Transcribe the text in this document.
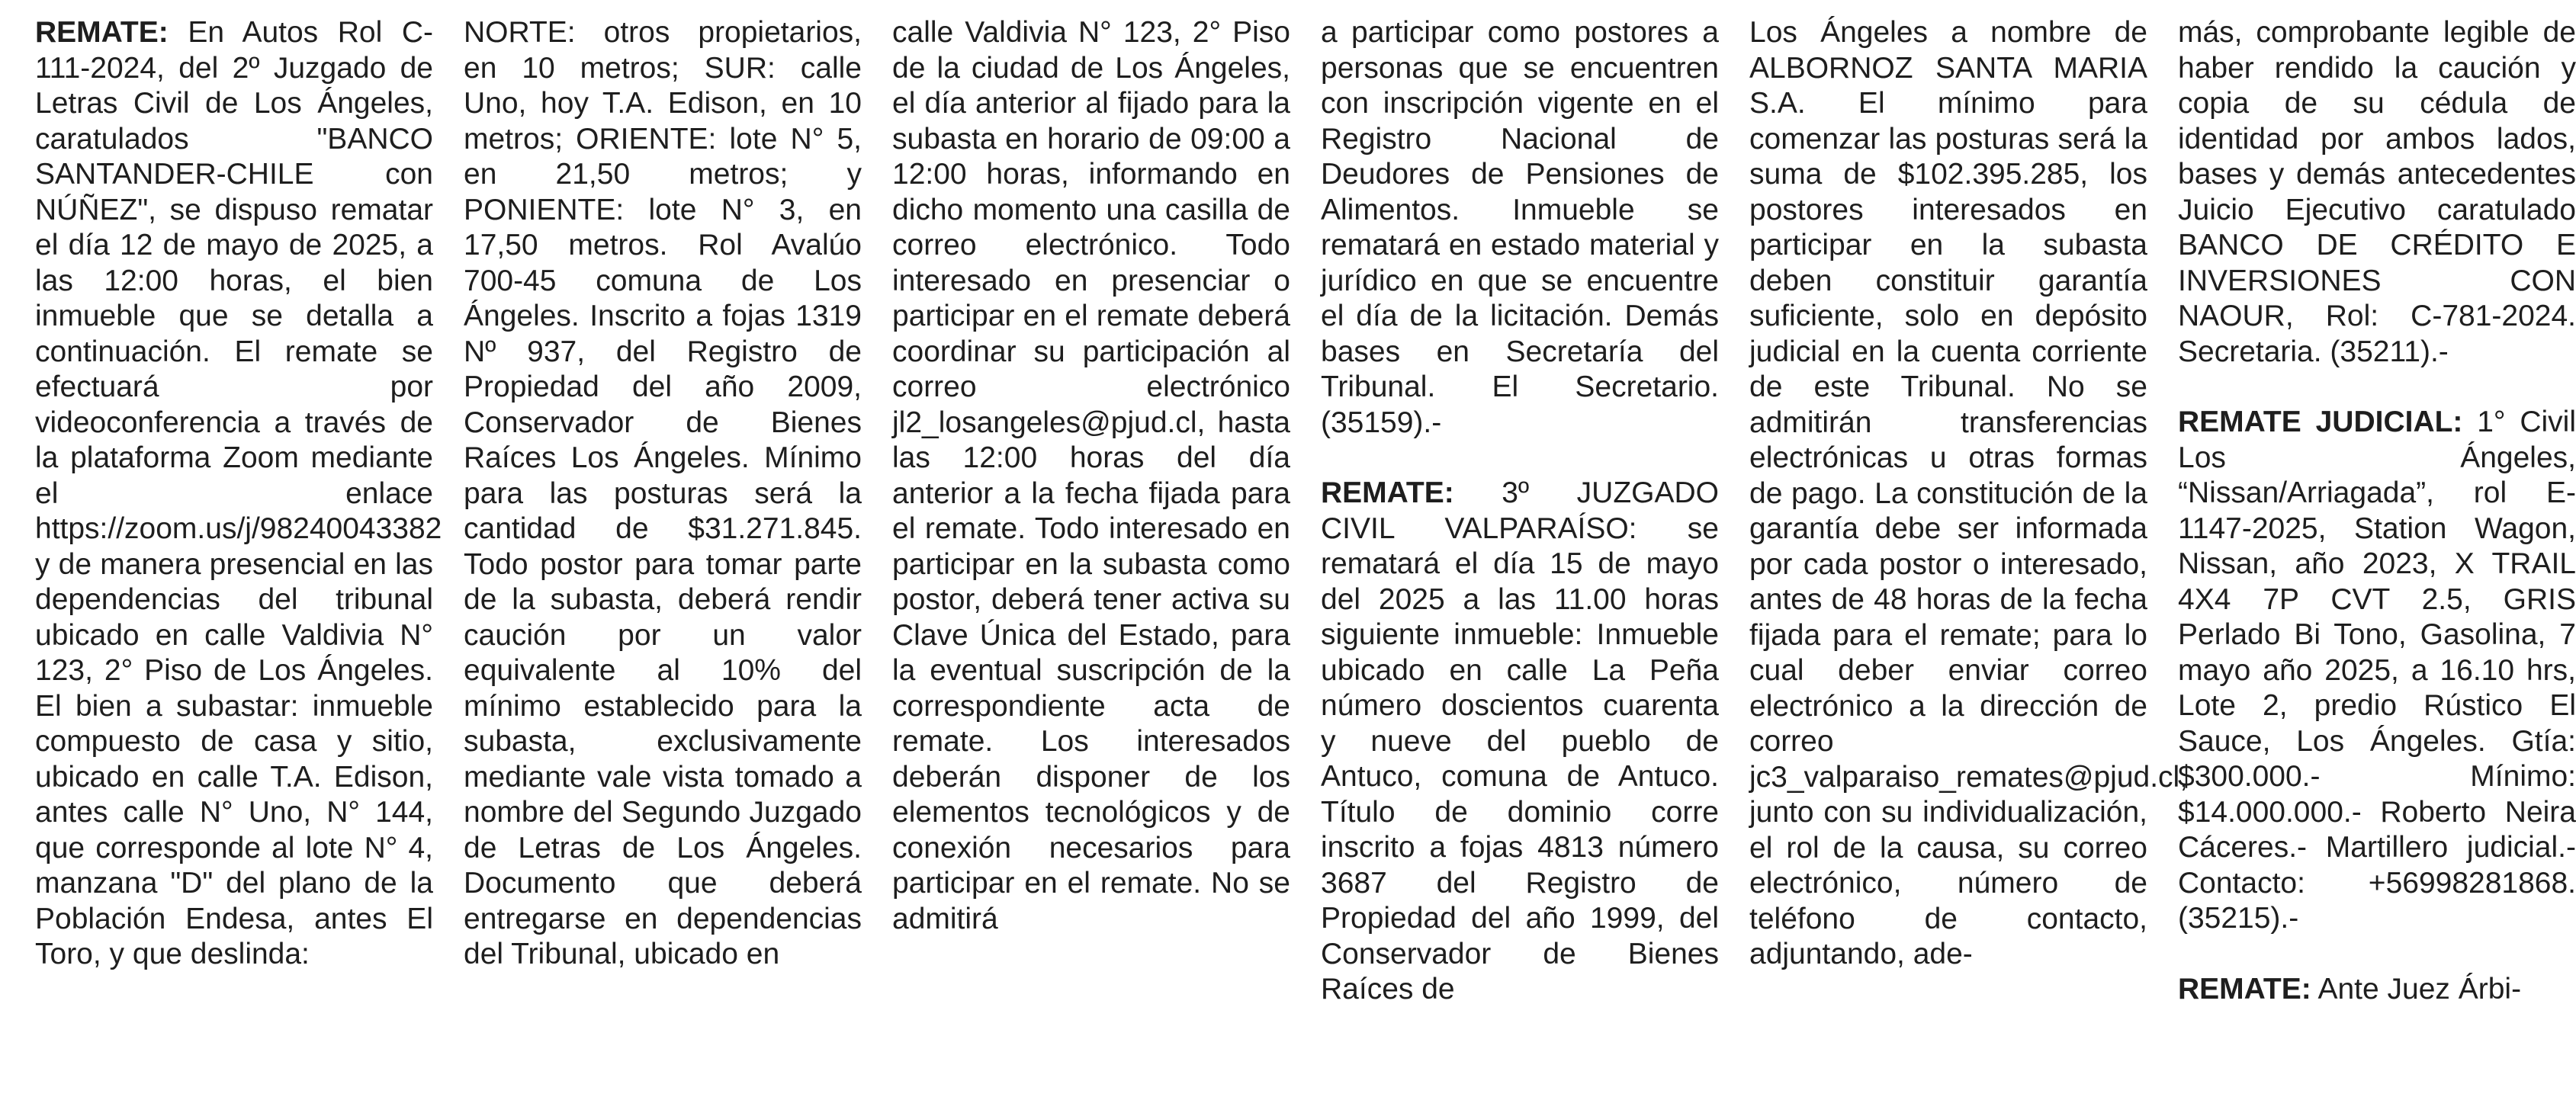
REMATE: En Autos Rol C-111-2024, del 2º Juzgado de Letras Civil de Los Ángeles, caratulados "BANCO SANTANDER-CHILE con NÚÑEZ", se dispuso rematar el día 12 de mayo de 2025, a las 12:00 horas, el bien inmueble que se detalla a continuación. El remate se efectuará por videoconferencia a través de la plataforma Zoom mediante el enlace https://zoom.us/j/98240043382 y de manera presencial en las dependencias del tribunal ubicado en calle Valdivia N° 123, 2° Piso de Los Ángeles. El bien a subastar: inmueble compuesto de casa y sitio, ubicado en calle T.A. Edison, antes calle N° Uno, N° 144, que corresponde al lote N° 4, manzana "D" del plano de la Población Endesa, antes El Toro, y que deslinda:

NORTE: otros propietarios, en 10 metros; SUR: calle Uno, hoy T.A. Edison, en 10 metros; ORIENTE: lote N° 5, en 21,50 metros; y PONIENTE: lote N° 3, en 17,50 metros. Rol Avalúo 700-45 comuna de Los Ángeles. Inscrito a fojas 1319 Nº 937, del Registro de Propiedad del año 2009, Conservador de Bienes Raíces Los Ángeles. Mínimo para las posturas será la cantidad de $31.271.845. Todo postor para tomar parte de la subasta, deberá rendir caución por un valor equivalente al 10% del mínimo establecido para la subasta, exclusivamente mediante vale vista tomado a nombre del Segundo Juzgado de Letras de Los Ángeles. Documento que deberá entregarse en dependencias del Tribunal, ubicado en

calle Valdivia N° 123, 2° Piso de la ciudad de Los Ángeles, el día anterior al fijado para la subasta en horario de 09:00 a 12:00 horas, informando en dicho momento una casilla de correo electrónico. Todo interesado en presenciar o participar en el remate deberá coordinar su participación al correo electrónico jl2_losangeles@pjud.cl, hasta las 12:00 horas del día anterior a la fecha fijada para el remate. Todo interesado en participar en la subasta como postor, deberá tener activa su Clave Única del Estado, para la eventual suscripción de la correspondiente acta de remate. Los interesados deberán disponer de los elementos tecnológicos y de conexión necesarios para participar en el remate. No se admitirá

a participar como postores a personas que se encuentren con inscripción vigente en el Registro Nacional de Deudores de Pensiones de Alimentos. Inmueble se rematará en estado material y jurídico en que se encuentre el día de la licitación. Demás bases en Secretaría del Tribunal. El Secretario. (35159).-

REMATE: 3º JUZGADO CIVIL VALPARAÍSO: se rematará el día 15 de mayo del 2025 a las 11.00 horas siguiente inmueble: Inmueble ubicado en calle La Peña número doscientos cuarenta y nueve del pueblo de Antuco, comuna de Antuco. Título de dominio corre inscrito a fojas 4813 número 3687 del Registro de Propiedad del año 1999, del Conservador de Bienes Raíces de

Los Ángeles a nombre de ALBORNOZ SANTA MARIA S.A. El mínimo para comenzar las posturas será la suma de $102.395.285, los postores interesados en participar en la subasta deben constituir garantía suficiente, solo en depósito judicial en la cuenta corriente de este Tribunal. No se admitirán transferencias electrónicas u otras formas de pago. La constitución de la garantía debe ser informada por cada postor o interesado, antes de 48 horas de la fecha fijada para el remate; para lo cual deber enviar correo electrónico a la dirección de correo jc3_valparaiso_remates@pjud.cl, junto con su individualización, el rol de la causa, su correo electrónico, número de teléfono de contacto, adjuntando, ade-

más, comprobante legible de haber rendido la caución y copia de su cédula de identidad por ambos lados, bases y demás antecedentes Juicio Ejecutivo caratulado BANCO DE CRÉDITO E INVERSIONES CON NAOUR, Rol: C-781-2024. Secretaria. (35211).-

REMATE JUDICIAL: 1° Civil Los Ángeles, “Nissan/Arriagada”, rol E-1147-2025, Station Wagon, Nissan, año 2023, X TRAIL 4X4 7P CVT 2.5, GRIS Perlado Bi Tono, Gasolina, 7 mayo año 2025, a 16.10 hrs, Lote 2, predio Rústico El Sauce, Los Ángeles. Gtía: $300.000.- Mínimo: $14.000.000.- Roberto Neira Cáceres.- Martillero judicial.- Contacto: +56998281868. (35215).-

REMATE: Ante Juez Árbi-
